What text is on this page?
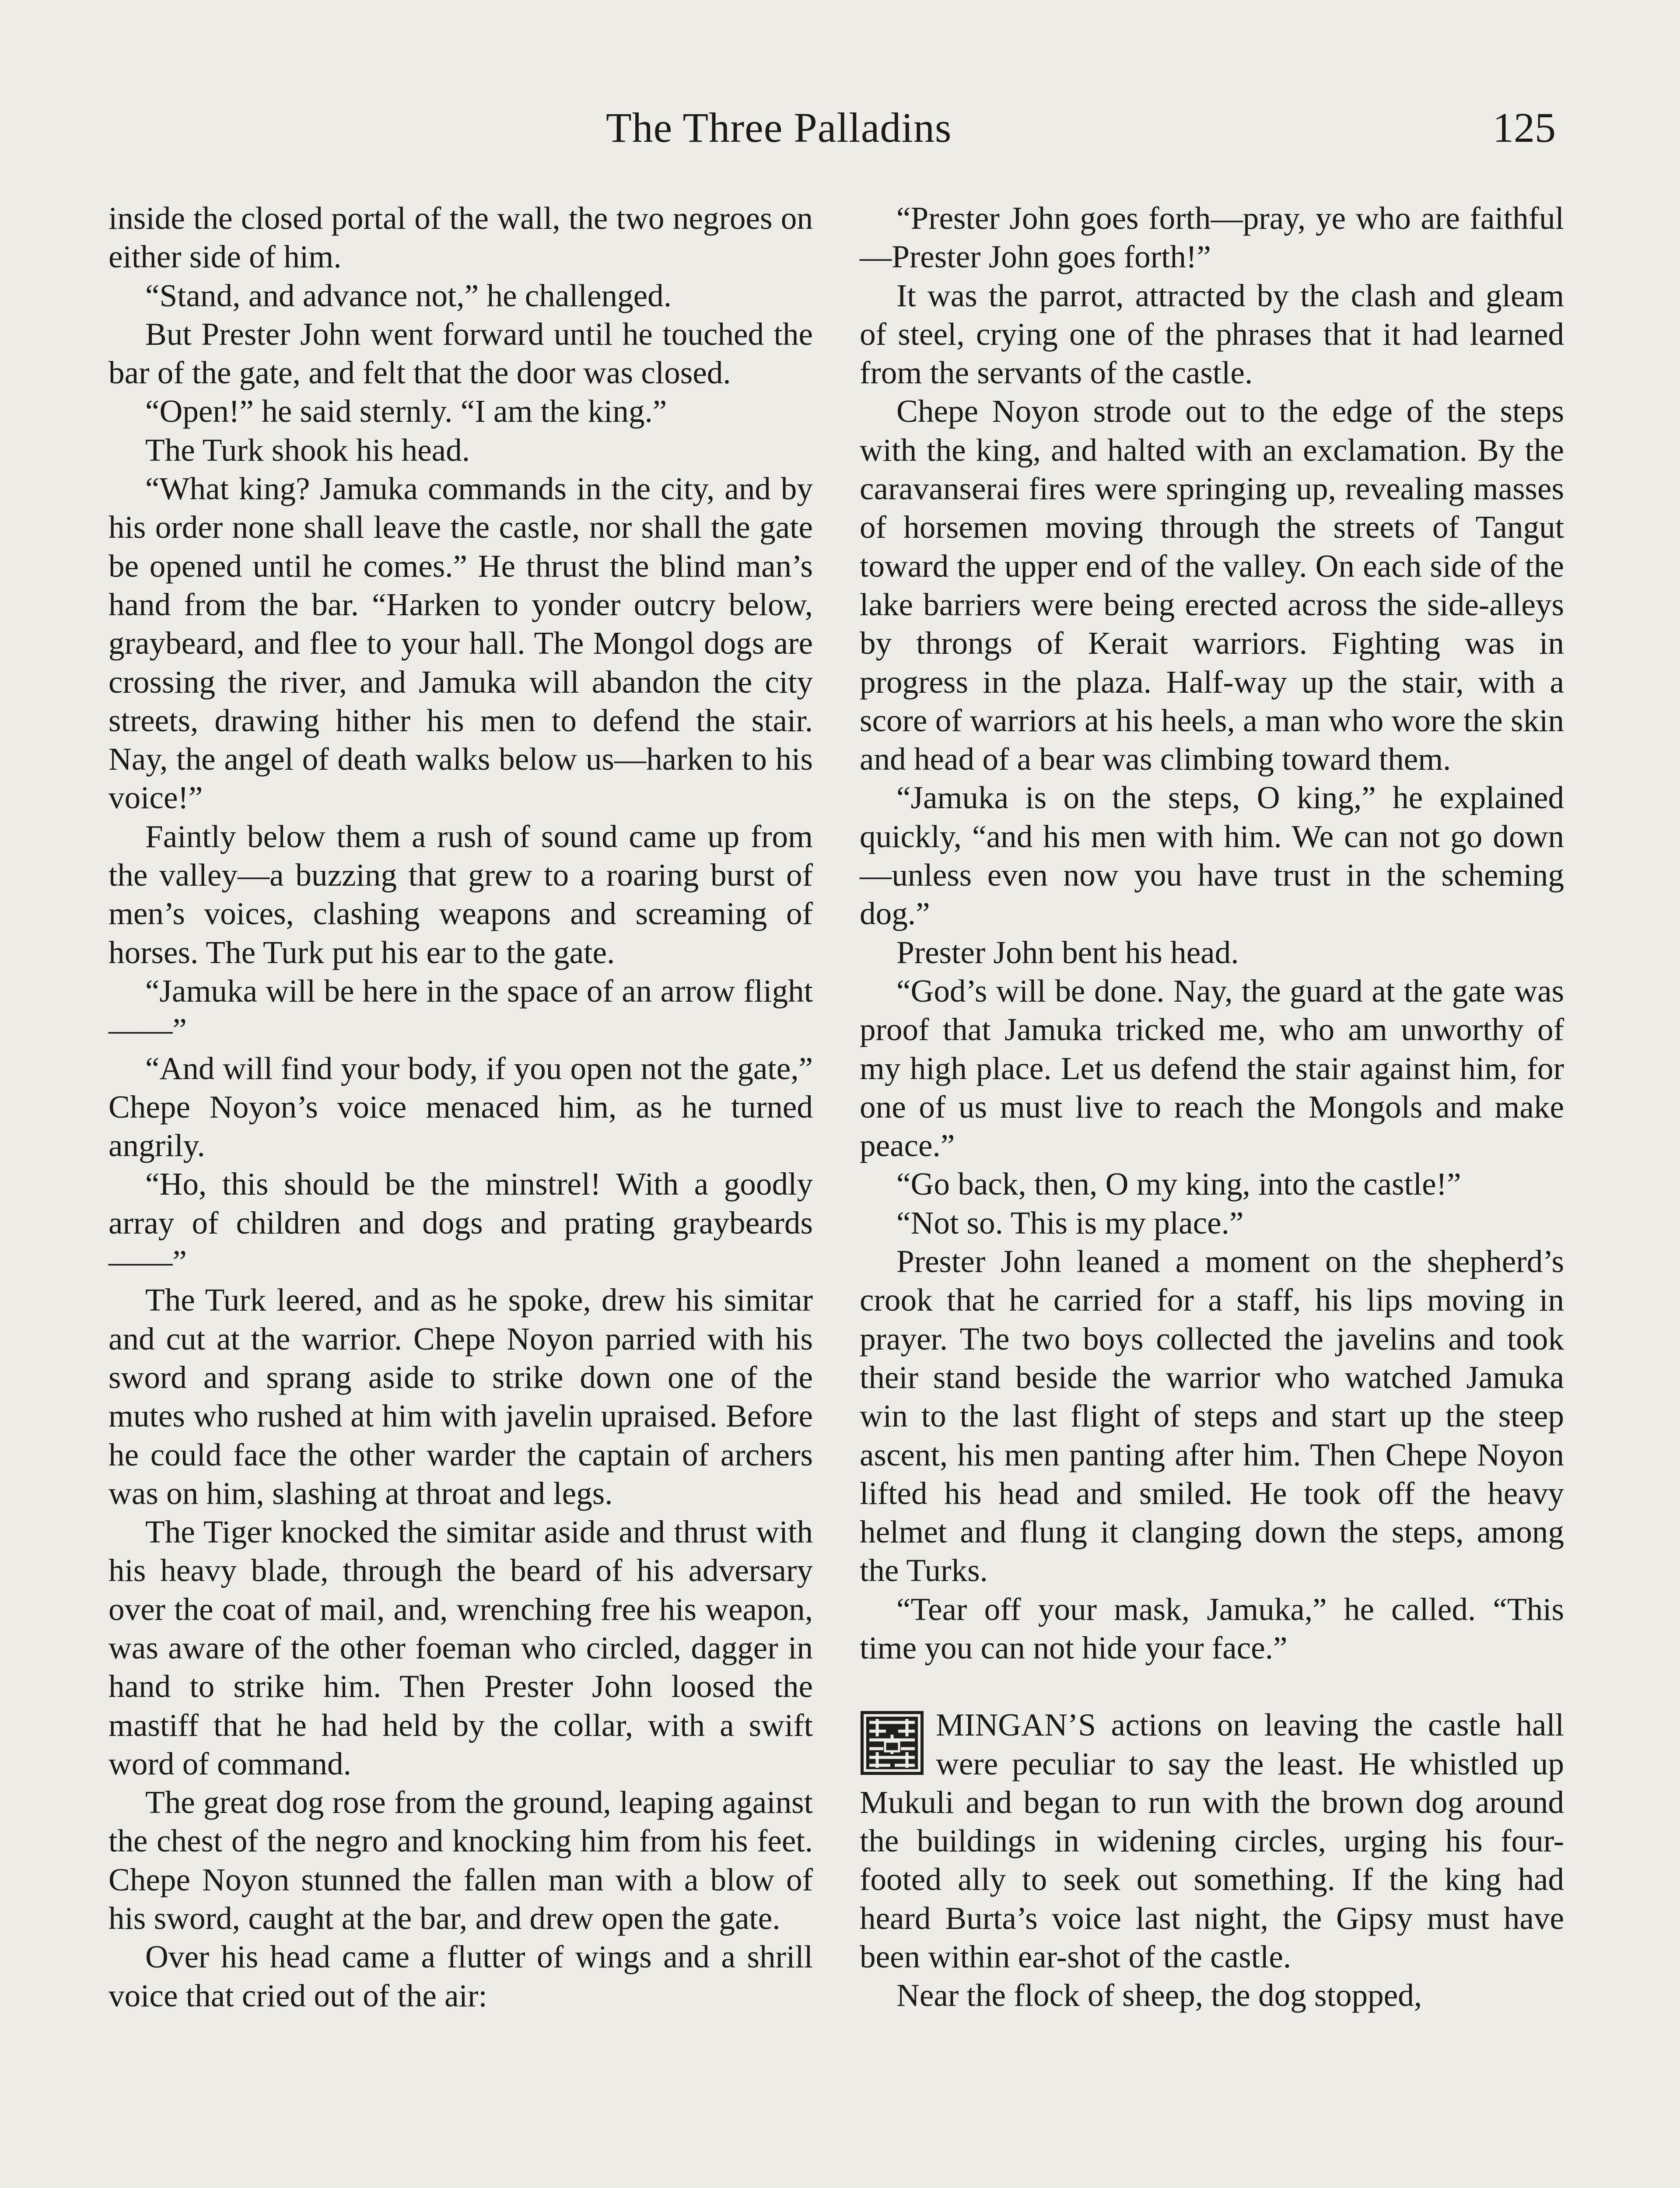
The Three Palladins	125

inside the closed portal of the wall, the two negroes on either side of him.

“Stand, and advance not,” he challenged.

But Prester John went forward until he touched the bar of the gate, and felt that the door was closed.

“Open!” he said sternly. “I am the king.”

The Turk shook his head.

“What king? Jamuka commands in the city, and by his order none shall leave the castle, nor shall the gate be opened until he comes.” He thrust the blind man’s hand from the bar. “Harken to yonder outcry below, graybeard, and flee to your hall. The Mongol dogs are crossing the river, and Jamuka will abandon the city streets, drawing hither his men to defend the stair. Nay, the angel of death walks below us—harken to his voice!”

Faintly below them a rush of sound came up from the valley—a buzzing that grew to a roaring burst of men’s voices, clashing weapons and screaming of horses. The Turk put his ear to the gate.

“Jamuka will be here in the space of an arrow flight——”

“And will find your body, if you open not the gate,” Chepe Noyon’s voice menaced him, as he turned angrily.

“Ho, this should be the minstrel! With a goodly array of children and dogs and prating graybeards——”

The Turk leered, and as he spoke, drew his simitar and cut at the warrior. Chepe Noyon parried with his sword and sprang aside to strike down one of the mutes who rushed at him with javelin upraised. Before he could face the other warder the captain of archers was on him, slashing at throat and legs.

The Tiger knocked the simitar aside and thrust with his heavy blade, through the beard of his adversary over the coat of mail, and, wrenching free his weapon, was aware of the other foeman who circled, dagger in hand to strike him. Then Prester John loosed the mastiff that he had held by the collar, with a swift word of command.

The great dog rose from the ground, leaping against the chest of the negro and knocking him from his feet. Chepe Noyon stunned the fallen man with a blow of his sword, caught at the bar, and drew open the gate.

Over his head came a flutter of wings and a shrill voice that cried out of the air:

“Prester John goes forth—pray, ye who are faithful—Prester John goes forth!”

It was the parrot, attracted by the clash and gleam of steel, crying one of the phrases that it had learned from the servants of the castle.

Chepe Noyon strode out to the edge of the steps with the king, and halted with an exclamation. By the caravanserai fires were springing up, revealing masses of horsemen moving through the streets of Tangut toward the upper end of the valley. On each side of the lake barriers were being erected across the side-alleys by throngs of Kerait warriors. Fighting was in progress in the plaza. Half-way up the stair, with a score of warriors at his heels, a man who wore the skin and head of a bear was climbing toward them.

“Jamuka is on the steps, O king,” he explained quickly, “and his men with him. We can not go down—unless even now you have trust in the scheming dog.”

Prester John bent his head.

“God’s will be done. Nay, the guard at the gate was proof that Jamuka tricked me, who am unworthy of my high place. Let us defend the stair against him, for one of us must live to reach the Mongols and make peace.”

“Go back, then, O my king, into the castle!”

“Not so. This is my place.”

Prester John leaned a moment on the shepherd’s crook that he carried for a staff, his lips moving in prayer. The two boys collected the javelins and took their stand beside the warrior who watched Jamuka win to the last flight of steps and start up the steep ascent, his men panting after him. Then Chepe Noyon lifted his head and smiled. He took off the heavy helmet and flung it clanging down the steps, among the Turks.

“Tear off your mask, Jamuka,” he called. “This time you can not hide your face.”

MINGAN’S actions on leaving the castle hall were peculiar to say the least. He whistled up Mukuli and began to run with the brown dog around the buildings in widening circles, urging his four-footed ally to seek out something. If the king had heard Burta’s voice last night, the Gipsy must have been within ear-shot of the castle.

Near the flock of sheep, the dog stopped,
